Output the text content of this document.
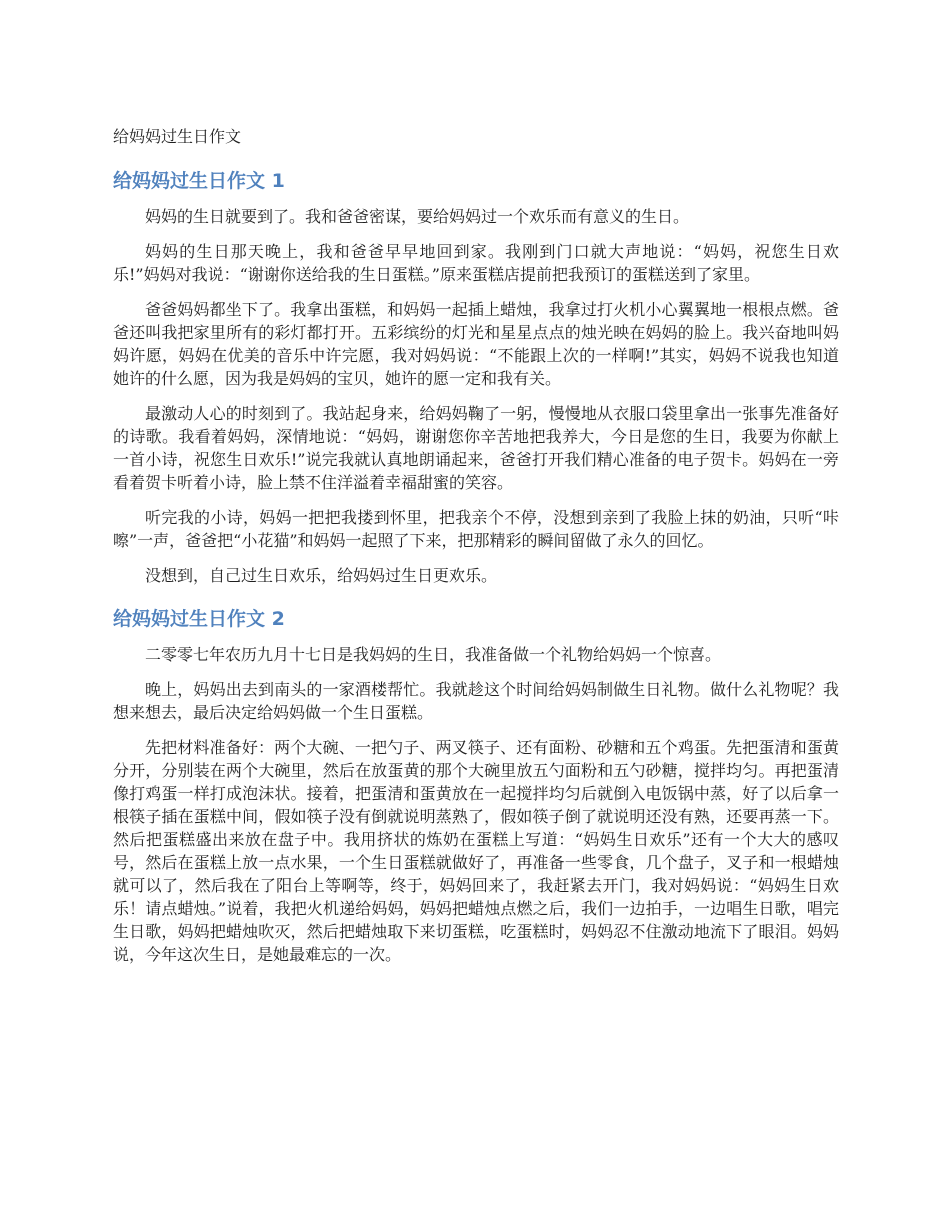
给妈妈过生日作文
给妈妈过生日作文 1

妈妈的生日就要到了。我和爸爸密谋，要给妈妈过一个欢乐而有意义的生日。

妈妈的生日那天晚上，我和爸爸早早地回到家。我刚到门口就大声地说：“妈妈，祝您生日欢乐!”妈妈对我说：“谢谢你送给我的生日蛋糕。”原来蛋糕店提前把我预订的蛋糕送到了家里。

爸爸妈妈都坐下了。我拿出蛋糕，和妈妈一起插上蜡烛，我拿过打火机小心翼翼地一根根点燃。爸爸还叫我把家里所有的彩灯都打开。五彩缤纷的灯光和星星点点的烛光映在妈妈的脸上。我兴奋地叫妈妈许愿，妈妈在优美的音乐中许完愿，我对妈妈说：“不能跟上次的一样啊!”其实，妈妈不说我也知道她许的什么愿，因为我是妈妈的宝贝，她许的愿一定和我有关。

最激动人心的时刻到了。我站起身来，给妈妈鞠了一躬，慢慢地从衣服口袋里拿出一张事先准备好的诗歌。我看着妈妈，深情地说：“妈妈，谢谢您你辛苦地把我养大，今日是您的生日，我要为你献上一首小诗，祝您生日欢乐!”说完我就认真地朗诵起来，爸爸打开我们精心准备的电子贺卡。妈妈在一旁看着贺卡听着小诗，脸上禁不住洋溢着幸福甜蜜的笑容。

听完我的小诗，妈妈一把把我搂到怀里，把我亲个不停，没想到亲到了我脸上抹的奶油，只听“咔嚓”一声，爸爸把“小花猫”和妈妈一起照了下来，把那精彩的瞬间留做了永久的回忆。

没想到，自己过生日欢乐，给妈妈过生日更欢乐。

给妈妈过生日作文 2

二零零七年农历九月十七日是我妈妈的生日，我准备做一个礼物给妈妈一个惊喜。

晚上，妈妈出去到南头的一家酒楼帮忙。我就趁这个时间给妈妈制做生日礼物。做什么礼物呢？我想来想去，最后决定给妈妈做一个生日蛋糕。

先把材料准备好：两个大碗、一把勺子、两叉筷子、还有面粉、砂糖和五个鸡蛋。先把蛋清和蛋黄分开，分别装在两个大碗里，然后在放蛋黄的那个大碗里放五勺面粉和五勺砂糖，搅拌均匀。再把蛋清像打鸡蛋一样打成泡沫状。接着，把蛋清和蛋黄放在一起搅拌均匀后就倒入电饭锅中蒸，好了以后拿一根筷子插在蛋糕中间，假如筷子没有倒就说明蒸熟了，假如筷子倒了就说明还没有熟，还要再蒸一下。然后把蛋糕盛出来放在盘子中。我用挤状的炼奶在蛋糕上写道：“妈妈生日欢乐”还有一个大大的感叹号，然后在蛋糕上放一点水果，一个生日蛋糕就做好了，再准备一些零食，几个盘子，叉子和一根蜡烛就可以了，然后我在了阳台上等啊等，终于，妈妈回来了，我赶紧去开门，我对妈妈说：“妈妈生日欢乐！请点蜡烛。”说着，我把火机递给妈妈，妈妈把蜡烛点燃之后，我们一边拍手，一边唱生日歌，唱完生日歌，妈妈把蜡烛吹灭，然后把蜡烛取下来切蛋糕，吃蛋糕时，妈妈忍不住激动地流下了眼泪。妈妈说，今年这次生日，是她最难忘的一次。
